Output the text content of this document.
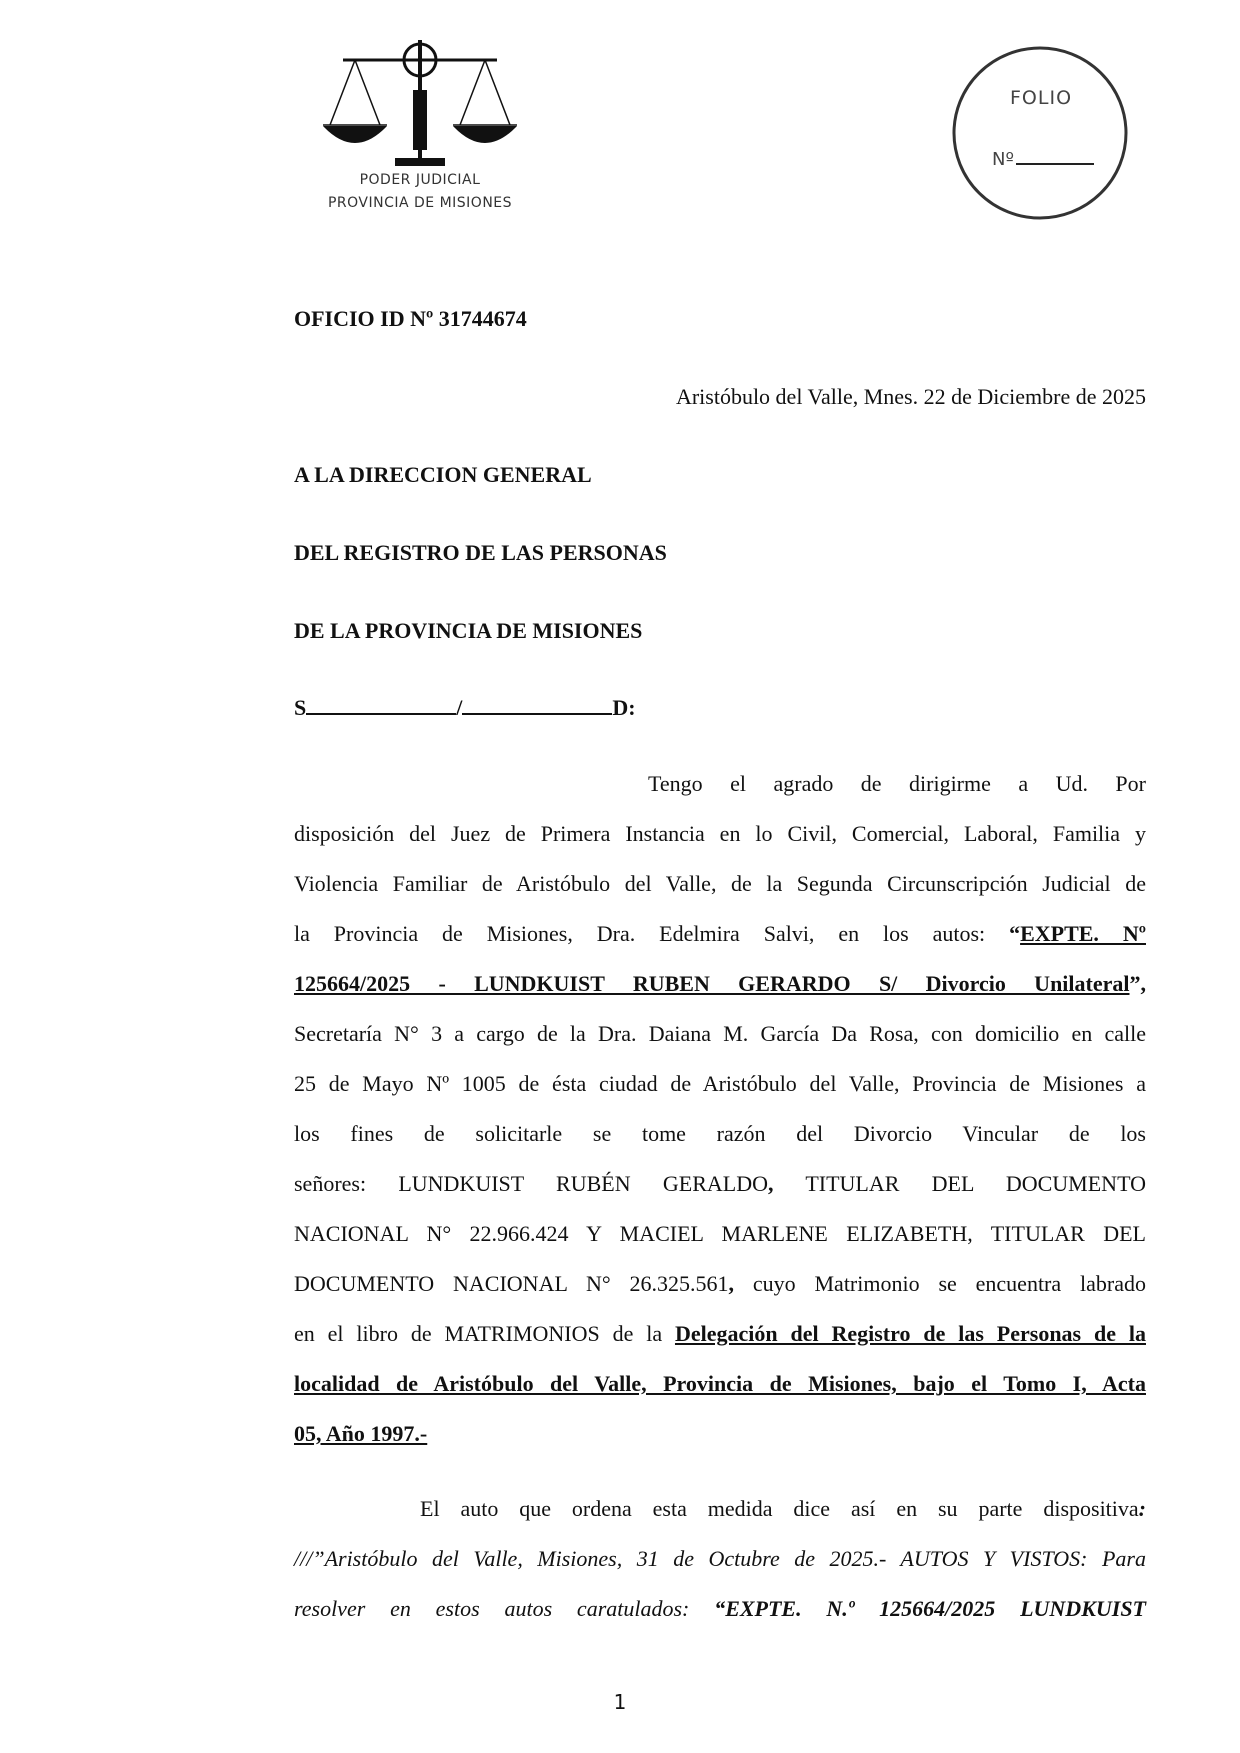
PODER JUDICIAL
PROVINCIA DE MISIONES
FOLIO
Nº
OFICIO ID Nº 31744674
Aristóbulo del Valle, Mnes. 22 de Diciembre de 2025
A LA DIRECCION GENERAL
DEL REGISTRO DE LAS PERSONAS
DE LA PROVINCIA DE MISIONES
S	/	D:
Tengo el agrado de dirigirme a Ud. Por
disposición del Juez de Primera Instancia en lo Civil, Comercial, Laboral, Familia y
Violencia Familiar de Aristóbulo del Valle, de la Segunda Circunscripción Judicial de
la Provincia de Misiones, Dra. Edelmira Salvi, en los autos: “EXPTE. Nº
125664/2025 - LUNDKUIST RUBEN GERARDO S/ Divorcio Unilateral”,
Secretaría N° 3 a cargo de la Dra. Daiana M. García Da Rosa, con domicilio en calle
25 de Mayo Nº 1005 de ésta ciudad de Aristóbulo del Valle, Provincia de Misiones a
los fines de solicitarle se tome razón del Divorcio Vincular de los
señores: LUNDKUIST RUBÉN GERALDO, TITULAR DEL DOCUMENTO
NACIONAL N° 22.966.424 Y MACIEL MARLENE ELIZABETH, TITULAR DEL
DOCUMENTO NACIONAL N° 26.325.561, cuyo Matrimonio se encuentra labrado
en el libro de MATRIMONIOS de la Delegación del Registro de las Personas de la
localidad de Aristóbulo del Valle, Provincia de Misiones, bajo el Tomo I, Acta
05, Año 1997.-
El auto que ordena esta medida dice así en su parte dispositiva:
///”Aristóbulo del Valle, Misiones, 31 de Octubre de 2025.- AUTOS Y VISTOS: Para
resolver en estos autos caratulados: “EXPTE. N.º 125664/2025 LUNDKUIST
1
